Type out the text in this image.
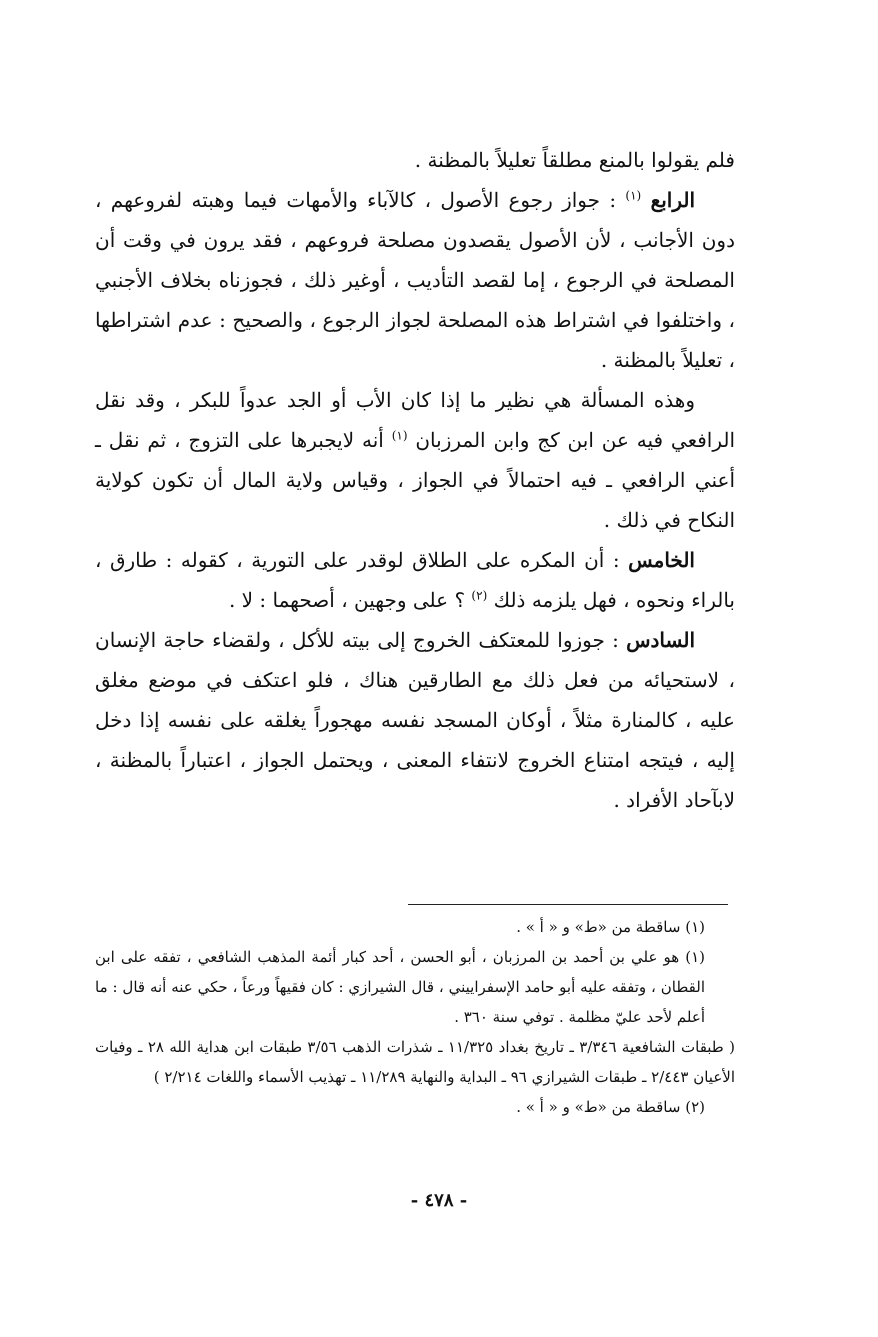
فلم يقولوا بالمنع مطلقاً تعليلاً بالمظنة .

الرابع $^{(١)}$ : جواز رجوع الأصول ، كالآباء والأمهات فيما وهبته لفروعهم ، دون الأجانب ، لأن الأصول يقصدون مصلحة فروعهم ، فقد يرون في وقت أن المصلحة في الرجوع ، إما لقصد التأديب ، أوغير ذلك ، فجوزناه بخلاف الأجنبي ، واختلفوا في اشتراط هذه المصلحة لجواز الرجوع ، والصحيح : عدم اشتراطها ، تعليلاً بالمظنة .

وهذه المسألة هي نظير ما إذا كان الأب أو الجد عدواً للبكر ، وقد نقل الرافعي فيه عن ابن كج وابن المرزبان $^{(١)}$ أنه لايجبرها على التزوج ، ثم نقل ـ أعني الرافعي ـ فيه احتمالاً في الجواز ، وقياس ولاية المال أن تكون كولاية النكاح في ذلك .

الخامس : أن المكره على الطلاق لوقدر على التورية ، كقوله : طارق ، بالراء ونحوه ، فهل يلزمه ذلك $^{(٢)}$ ؟ على وجهين ، أصحهما : لا .

السادس : جوزوا للمعتكف الخروج إلى بيته للأكل ، ولقضاء حاجة الإنسان ، لاستحيائه من فعل ذلك مع الطارقين هناك ، فلو اعتكف في موضع مغلق عليه ، كالمنارة مثلاً ، أوكان المسجد نفسه مهجوراً يغلقه على نفسه إذا دخل إليه ، فيتجه امتناع الخروج لانتفاء المعنى ، ويحتمل الجواز ، اعتباراً بالمظنة ، لابآحاد الأفراد .

(١) ساقطة من «ط» و « أ » .

(١) هو علي بن أحمد بن المرزبان ، أبو الحسن ، أحد كبار أئمة المذهب الشافعي ، تفقه على ابن القطان ، وتفقه عليه أبو حامد الإسفراييني ، قال الشيرازي : كان فقيهاً ورعاً ، حكي عنه أنه قال : ما أعلم لأحد عليّ مظلمة . توفي سنة ٣٦٠ .

( طبقات الشافعية ٣/٣٤٦ ـ تاريخ بغداد ١١/٣٢٥ ـ شذرات الذهب ٣/٥٦ طبقات ابن هداية الله ٢٨ ـ وفيات الأعيان ٢/٤٤٣ ـ طبقات الشيرازي ٩٦ ـ البداية والنهاية ١١/٢٨٩ ـ تهذيب الأسماء واللغات ٢/٢١٤ )

(٢) ساقطة من «ط» و « أ » .

- ٤٧٨ -
